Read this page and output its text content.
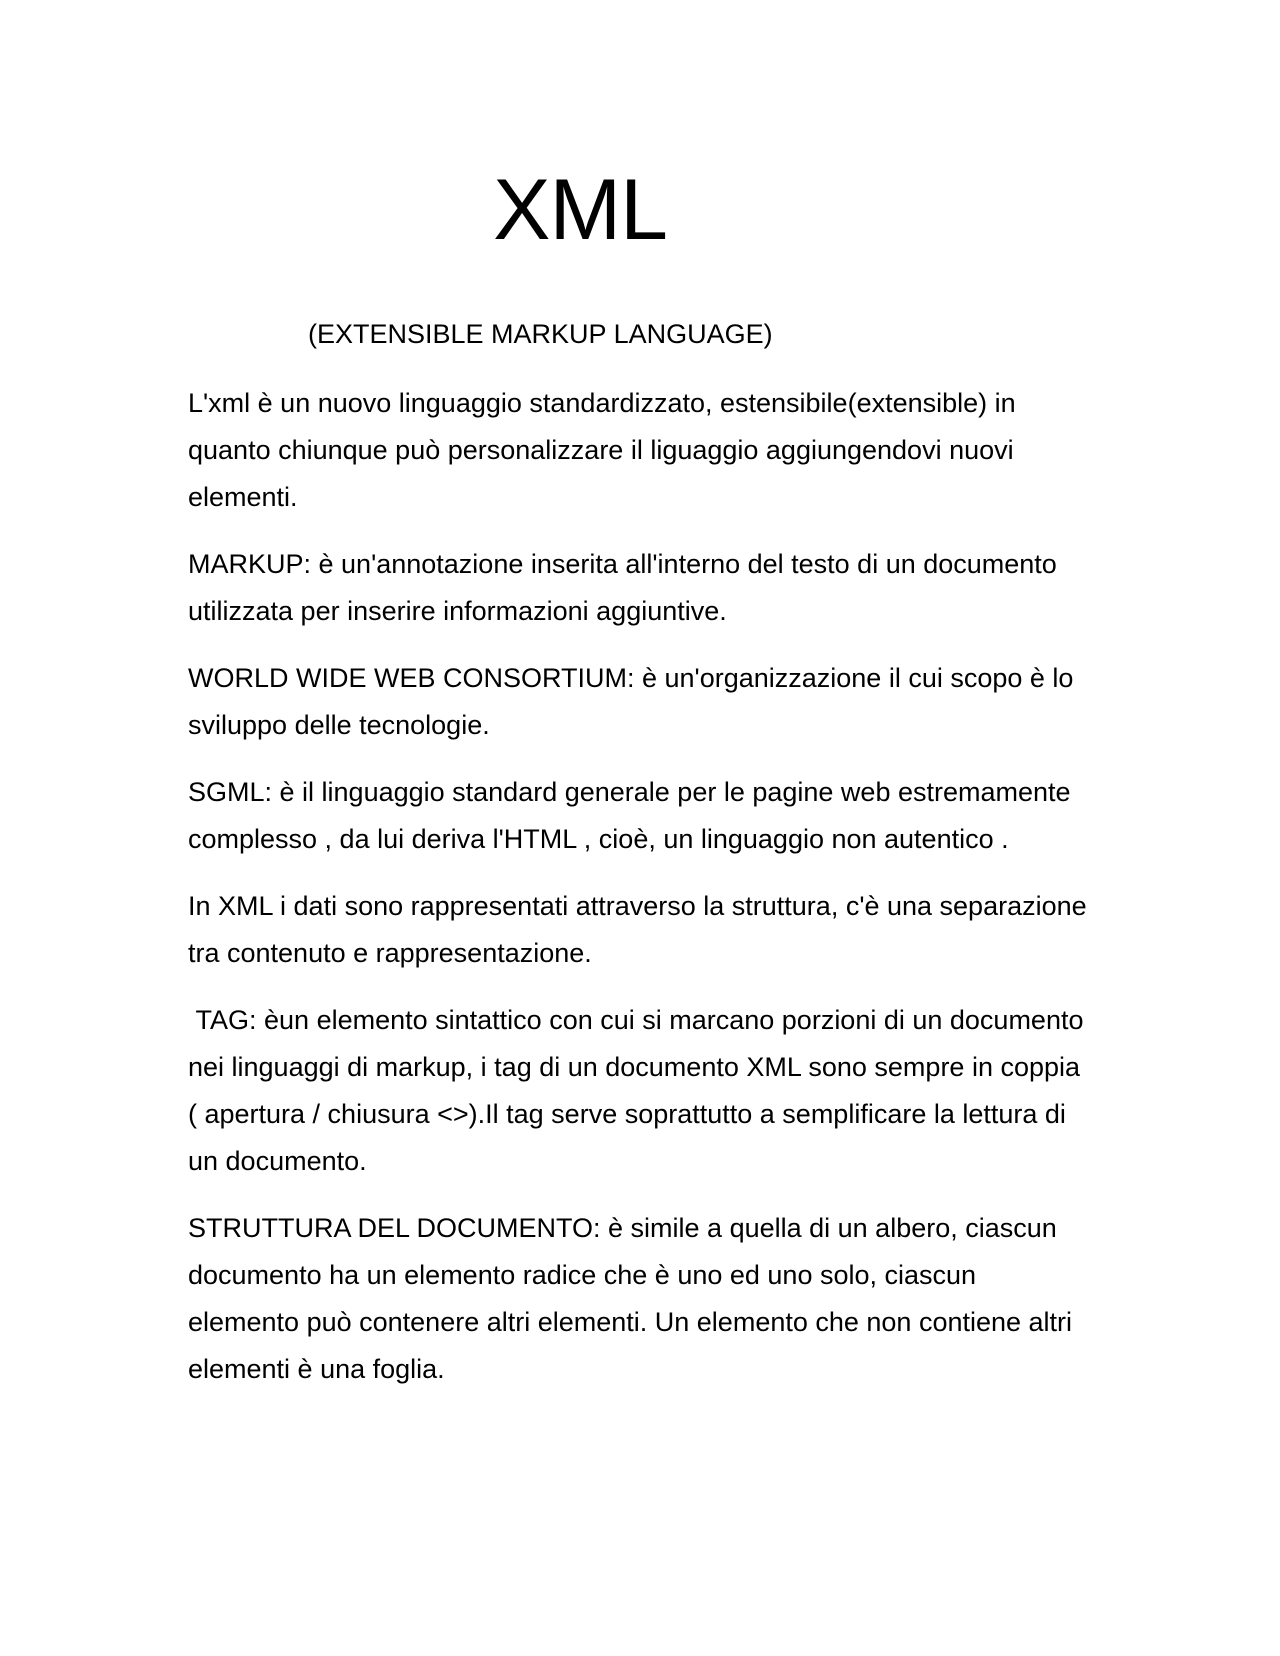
XML

(EXTENSIBLE MARKUP LANGUAGE)

L'xml è un nuovo linguaggio standardizzato, estensibile(extensible) in quanto chiunque può personalizzare il liguaggio aggiungendovi nuovi elementi.

MARKUP: è un'annotazione inserita all'interno del testo di un documento utilizzata per inserire informazioni aggiuntive.

WORLD WIDE WEB CONSORTIUM: è un'organizzazione il cui scopo è lo sviluppo delle tecnologie.

SGML: è il linguaggio standard generale per le pagine web estremamente complesso , da lui deriva l'HTML , cioè, un linguaggio non autentico .

In XML i dati sono rappresentati attraverso la struttura, c'è una separazione tra contenuto e rappresentazione.

TAG: èun elemento sintattico con cui si marcano porzioni di un documento nei linguaggi di markup, i tag di un documento XML sono sempre in coppia ( apertura / chiusura <>).Il tag serve soprattutto a semplificare la lettura di un documento.

STRUTTURA DEL DOCUMENTO: è simile a quella di un albero, ciascun documento ha un elemento radice che è uno ed uno solo, ciascun elemento può contenere altri elementi. Un elemento che non contiene altri elementi è una foglia.
